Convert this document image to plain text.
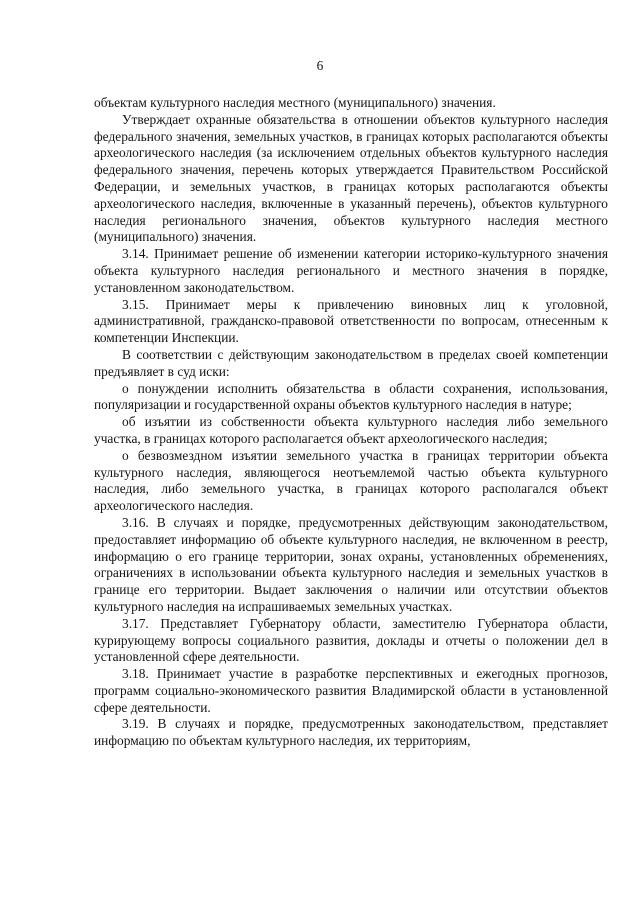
6

объектам культурного наследия местного (муниципального) значения.

Утверждает охранные обязательства в отношении объектов культурного наследия федерального значения, земельных участков, в границах которых располагаются объекты археологического наследия (за исключением отдельных объектов культурного наследия федерального значения, перечень которых утверждается Правительством Российской Федерации, и земельных участков, в границах которых располагаются объекты археологического наследия, включенные в указанный перечень), объектов культурного наследия регионального значения, объектов культурного наследия местного (муниципального) значения.

3.14. Принимает решение об изменении категории историко-культурного значения объекта культурного наследия регионального и местного значения в порядке, установленном законодательством.

3.15. Принимает меры к привлечению виновных лиц к уголовной, административной, гражданско-правовой ответственности по вопросам, отнесенным к компетенции Инспекции.

В соответствии с действующим законодательством в пределах своей компетенции предъявляет в суд иски:

о понуждении исполнить обязательства в области сохранения, использования, популяризации и государственной охраны объектов культурного наследия в натуре;

об изъятии из собственности объекта культурного наследия либо земельного участка, в границах которого располагается объект археологического наследия;

о безвозмездном изъятии земельного участка в границах территории объекта культурного наследия, являющегося неотъемлемой частью объекта культурного наследия, либо земельного участка, в границах которого располагался объект археологического наследия.

3.16. В случаях и порядке, предусмотренных действующим законодательством, предоставляет информацию об объекте культурного наследия, не включенном в реестр, информацию о его границе территории, зонах охраны, установленных обременениях, ограничениях в использовании объекта культурного наследия и земельных участков в границе его территории. Выдает заключения о наличии или отсутствии объектов культурного наследия на испрашиваемых земельных участках.

3.17. Представляет Губернатору области, заместителю Губернатора области, курирующему вопросы социального развития, доклады и отчеты о положении дел в установленной сфере деятельности.

3.18. Принимает участие в разработке перспективных и ежегодных прогнозов, программ социально-экономического развития Владимирской области в установленной сфере деятельности.

3.19. В случаях и порядке, предусмотренных законодательством, представляет информацию по объектам культурного наследия, их территориям,
